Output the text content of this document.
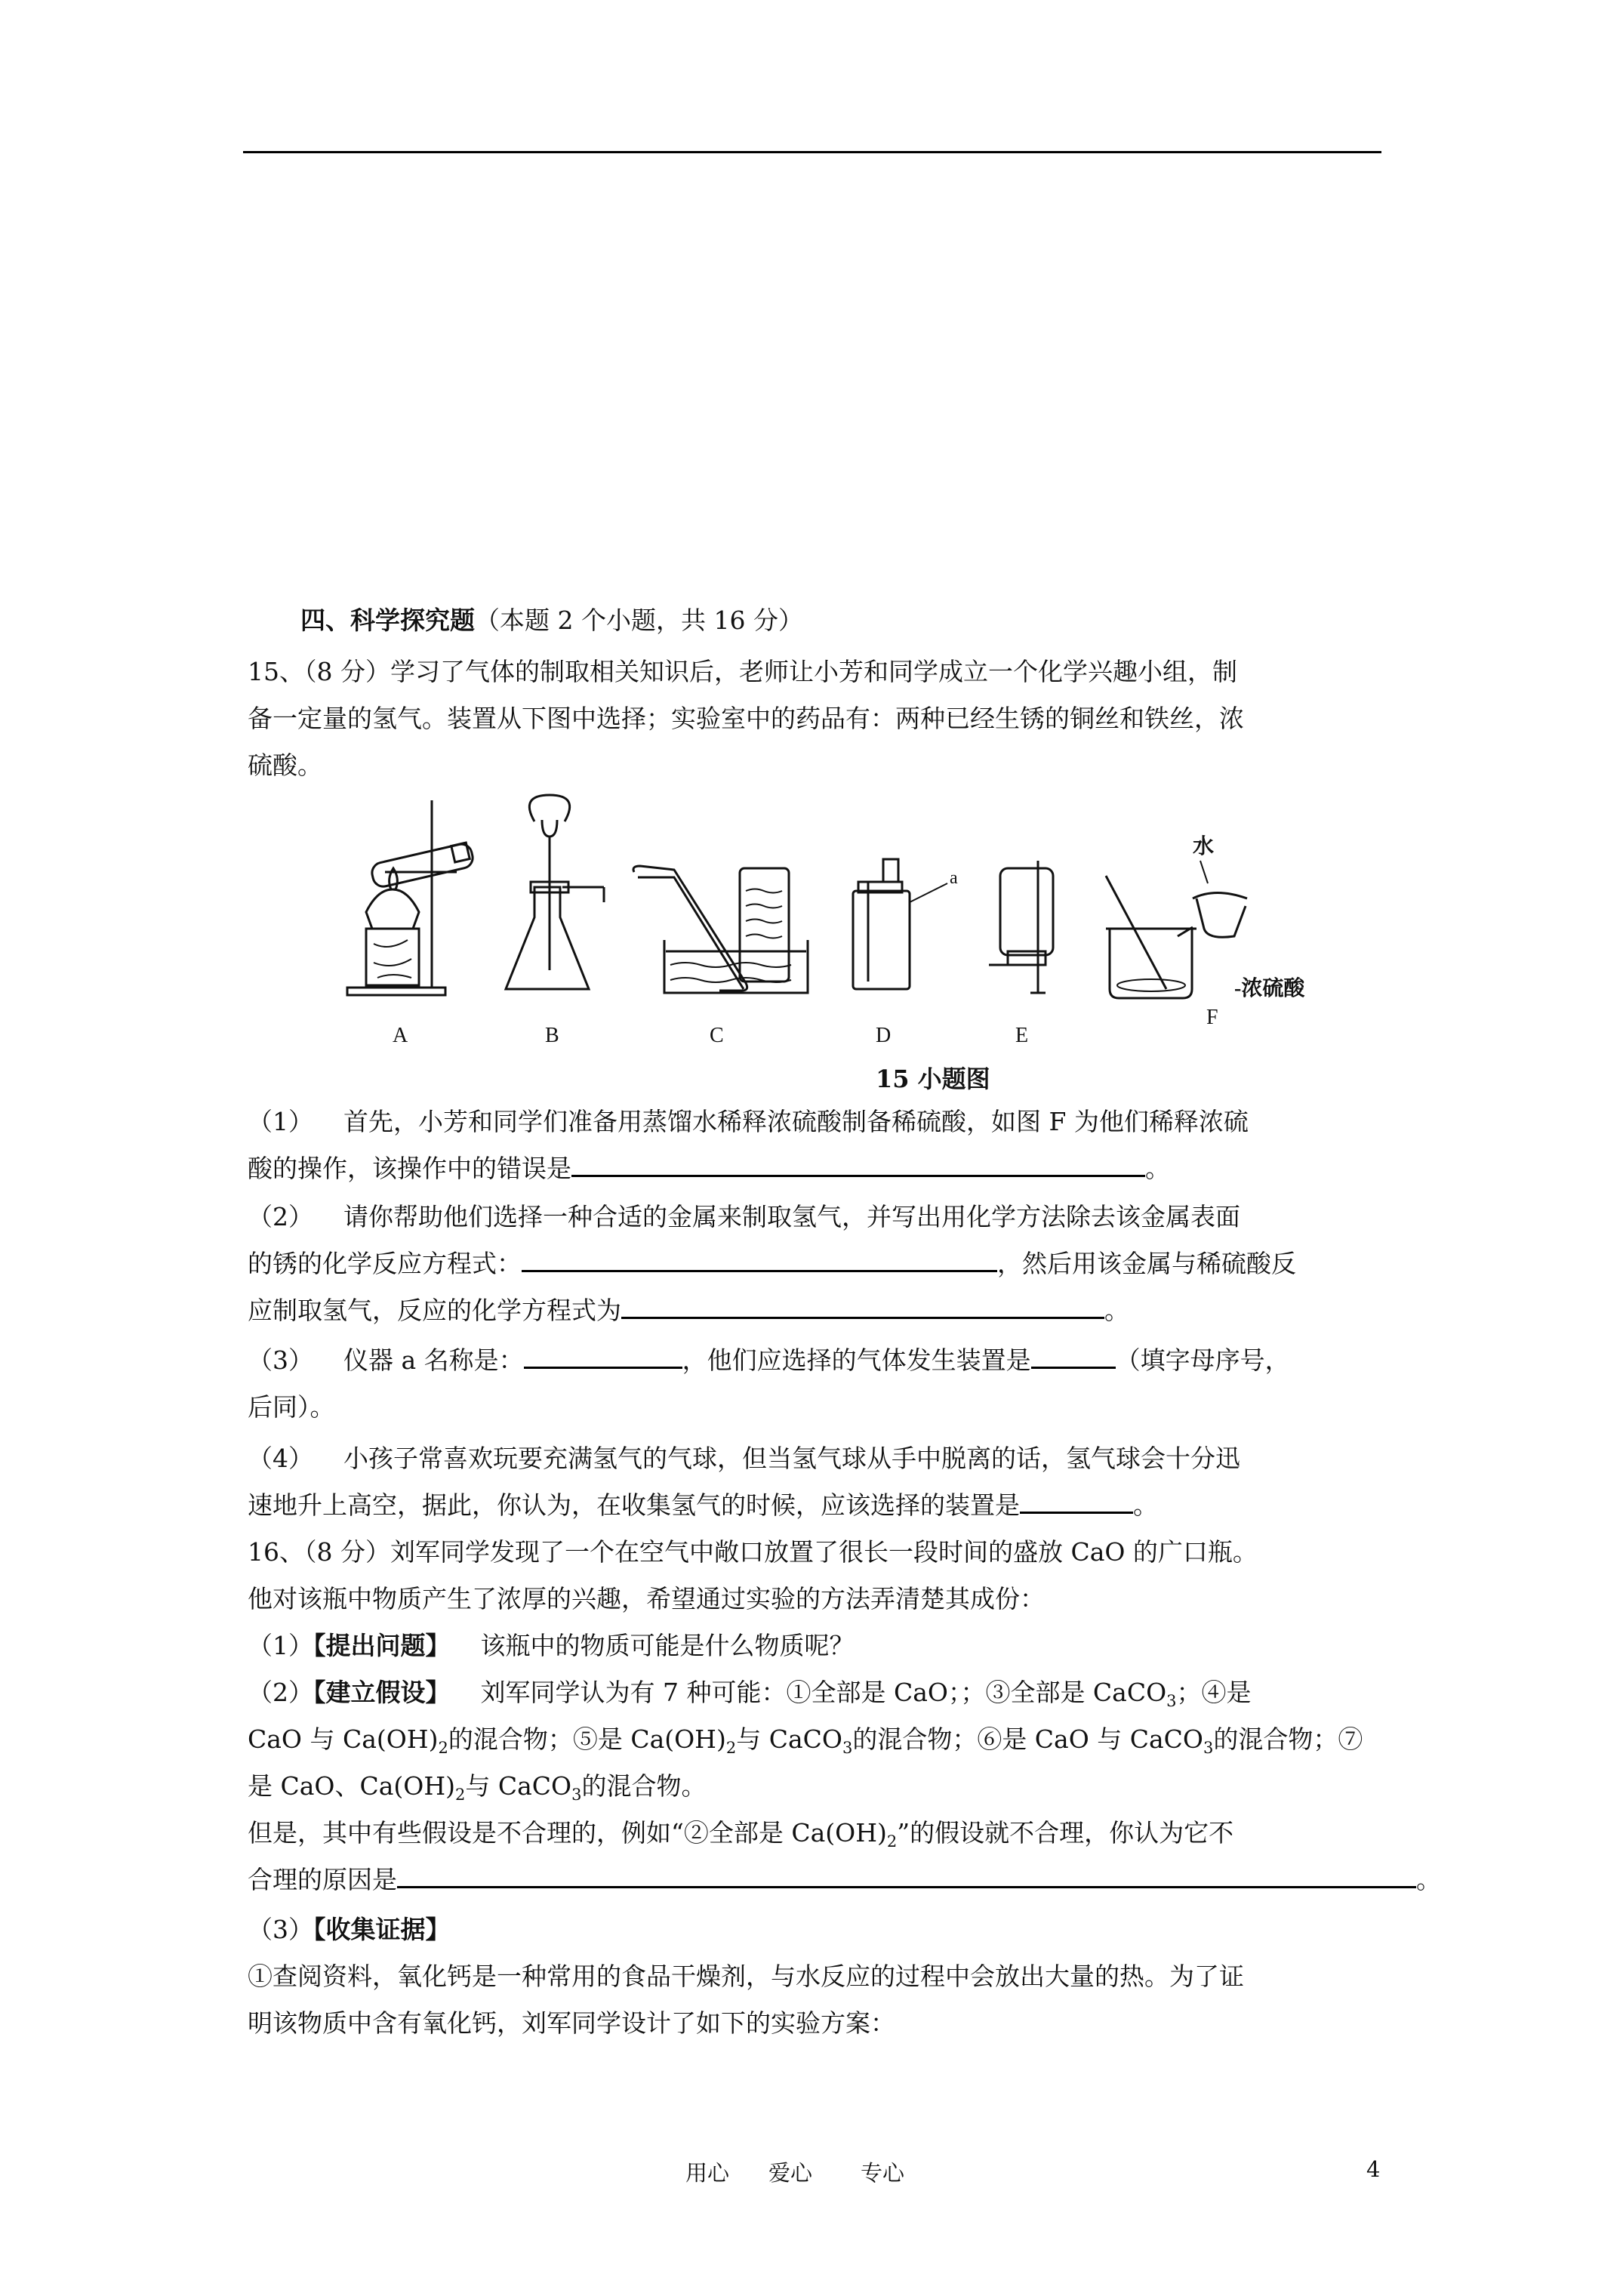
四、科学探究题（本题 2 个小题，共 16 分）
15、（8 分）学习了气体的制取相关知识后，老师让小芳和同学成立一个化学兴趣小组，制
备一定量的氢气。装置从下图中选择；实验室中的药品有：两种已经生锈的铜丝和铁丝，浓
硫酸。
A	B	C
a
D	E
水
-浓硫酸
F
15 小题图
（1） 首先，小芳和同学们准备用蒸馏水稀释浓硫酸制备稀硫酸，如图 F 为他们稀释浓硫
酸的操作，该操作中的错误是	。
（2） 请你帮助他们选择一种合适的金属来制取氢气，并写出用化学方法除去该金属表面
的锈的化学反应方程式：	，然后用该金属与稀硫酸反
应制取氢气，反应的化学方程式为	。
（3） 仪器 a 名称是：	，他们应选择的气体发生装置是	（填字母序号，
后同）。
（4） 小孩子常喜欢玩要充满氢气的气球，但当氢气球从手中脱离的话，氢气球会十分迅
速地升上高空，据此，你认为，在收集氢气的时候，应该选择的装置是	。
16、（8 分）刘军同学发现了一个在空气中敞口放置了很长一段时间的盛放 CaO 的广口瓶。
他对该瓶中物质产生了浓厚的兴趣，希望通过实验的方法弄清楚其成份：
（1）【提出问题】 该瓶中的物质可能是什么物质呢？
（2）【建立假设】 刘军同学认为有 7 种可能：①全部是 CaO；；③全部是 CaCO$_3$；④是
CaO 与 $Ca(OH)_2$的混合物；⑤是 $Ca(OH)_2$与 CaCO$_3$的混合物；⑥是 CaO 与 CaCO$_3$的混合物；⑦
是 CaO、$Ca(OH)_2$与 CaCO$_3$的混合物。
但是，其中有些假设是不合理的，例如“②全部是 $Ca(OH)_2$”的假设就不合理，你认为它不
合理的原因是	。
（3）【收集证据】
①查阅资料，氧化钙是一种常用的食品干燥剂，与水反应的过程中会放出大量的热。为了证
明该物质中含有氧化钙，刘军同学设计了如下的实验方案：
用心 爱心 专心	4
